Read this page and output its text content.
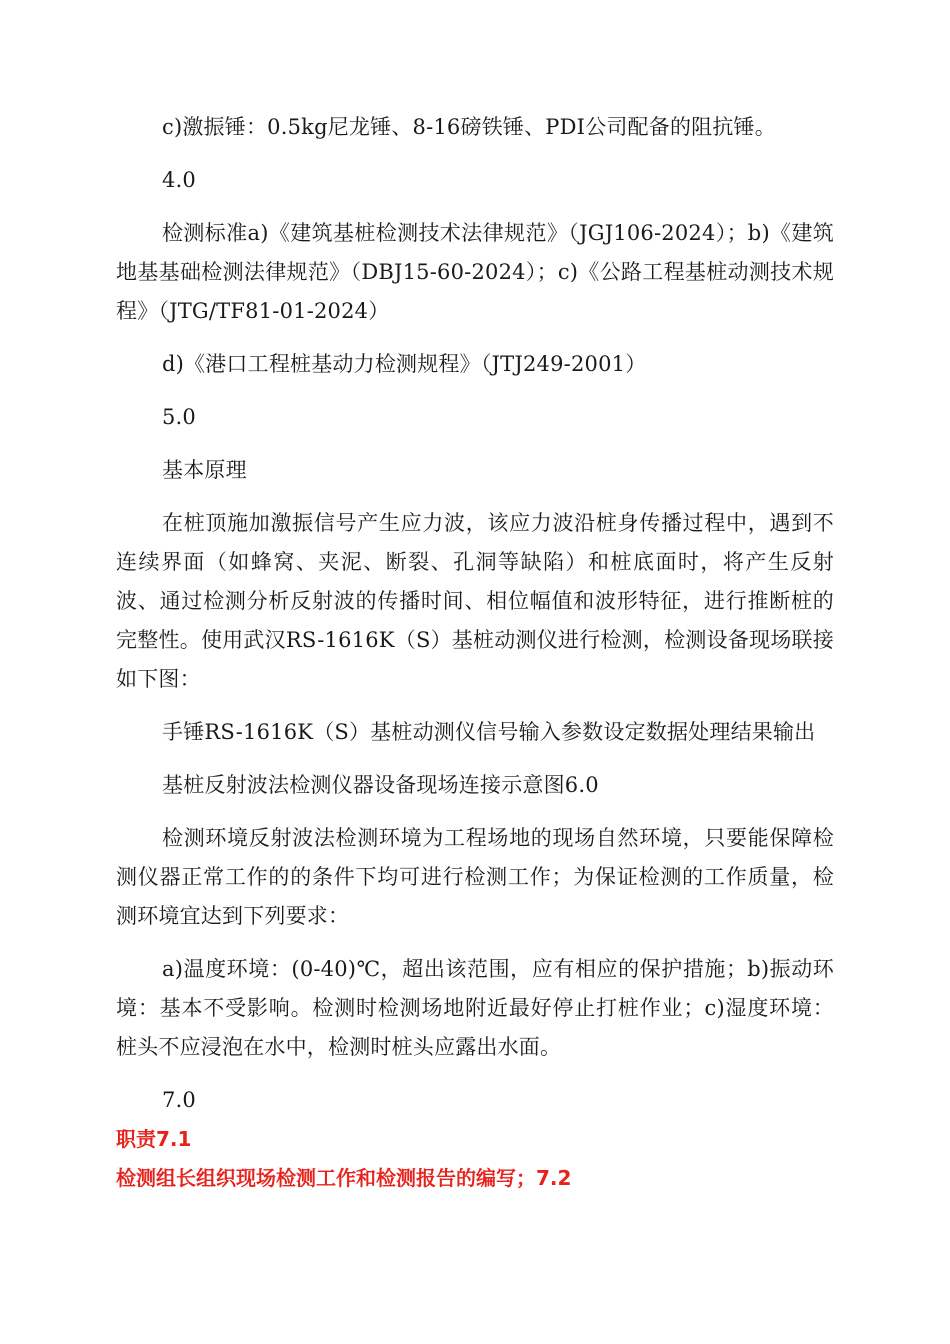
c)激振锤：0.5kg尼龙锤、8-16磅铁锤、PDI公司配备的阻抗锤。

4.0

检测标准a)《建筑基桩检测技术法律规范》（JGJ106-2024）；b)《建筑地基基础检测法律规范》（DBJ15-60-2024）；c)《公路工程基桩动测技术规程》（JTG/TF81-01-2024）

d)《港口工程桩基动力检测规程》（JTJ249-2001）

5.0

基本原理

在桩顶施加激振信号产生应力波，该应力波沿桩身传播过程中，遇到不连续界面（如蜂窝、夹泥、断裂、孔洞等缺陷）和桩底面时，将产生反射波、通过检测分析反射波的传播时间、相位幅值和波形特征，进行推断桩的完整性。使用武汉RS-1616K（S）基桩动测仪进行检测，检测设备现场联接如下图：

手锤RS-1616K（S）基桩动测仪信号输入参数设定数据处理结果输出

基桩反射波法检测仪器设备现场连接示意图6.0

检测环境反射波法检测环境为工程场地的现场自然环境，只要能保障检测仪器正常工作的的条件下均可进行检测工作；为保证检测的工作质量，检测环境宜达到下列要求：

a)温度环境：(0-40)℃，超出该范围，应有相应的保护措施；b)振动环境：基本不受影响。检测时检测场地附近最好停止打桩作业；c)湿度环境：桩头不应浸泡在水中，检测时桩头应露出水面。

7.0

职责7.1

检测组长组织现场检测工作和检测报告的编写；7.2
